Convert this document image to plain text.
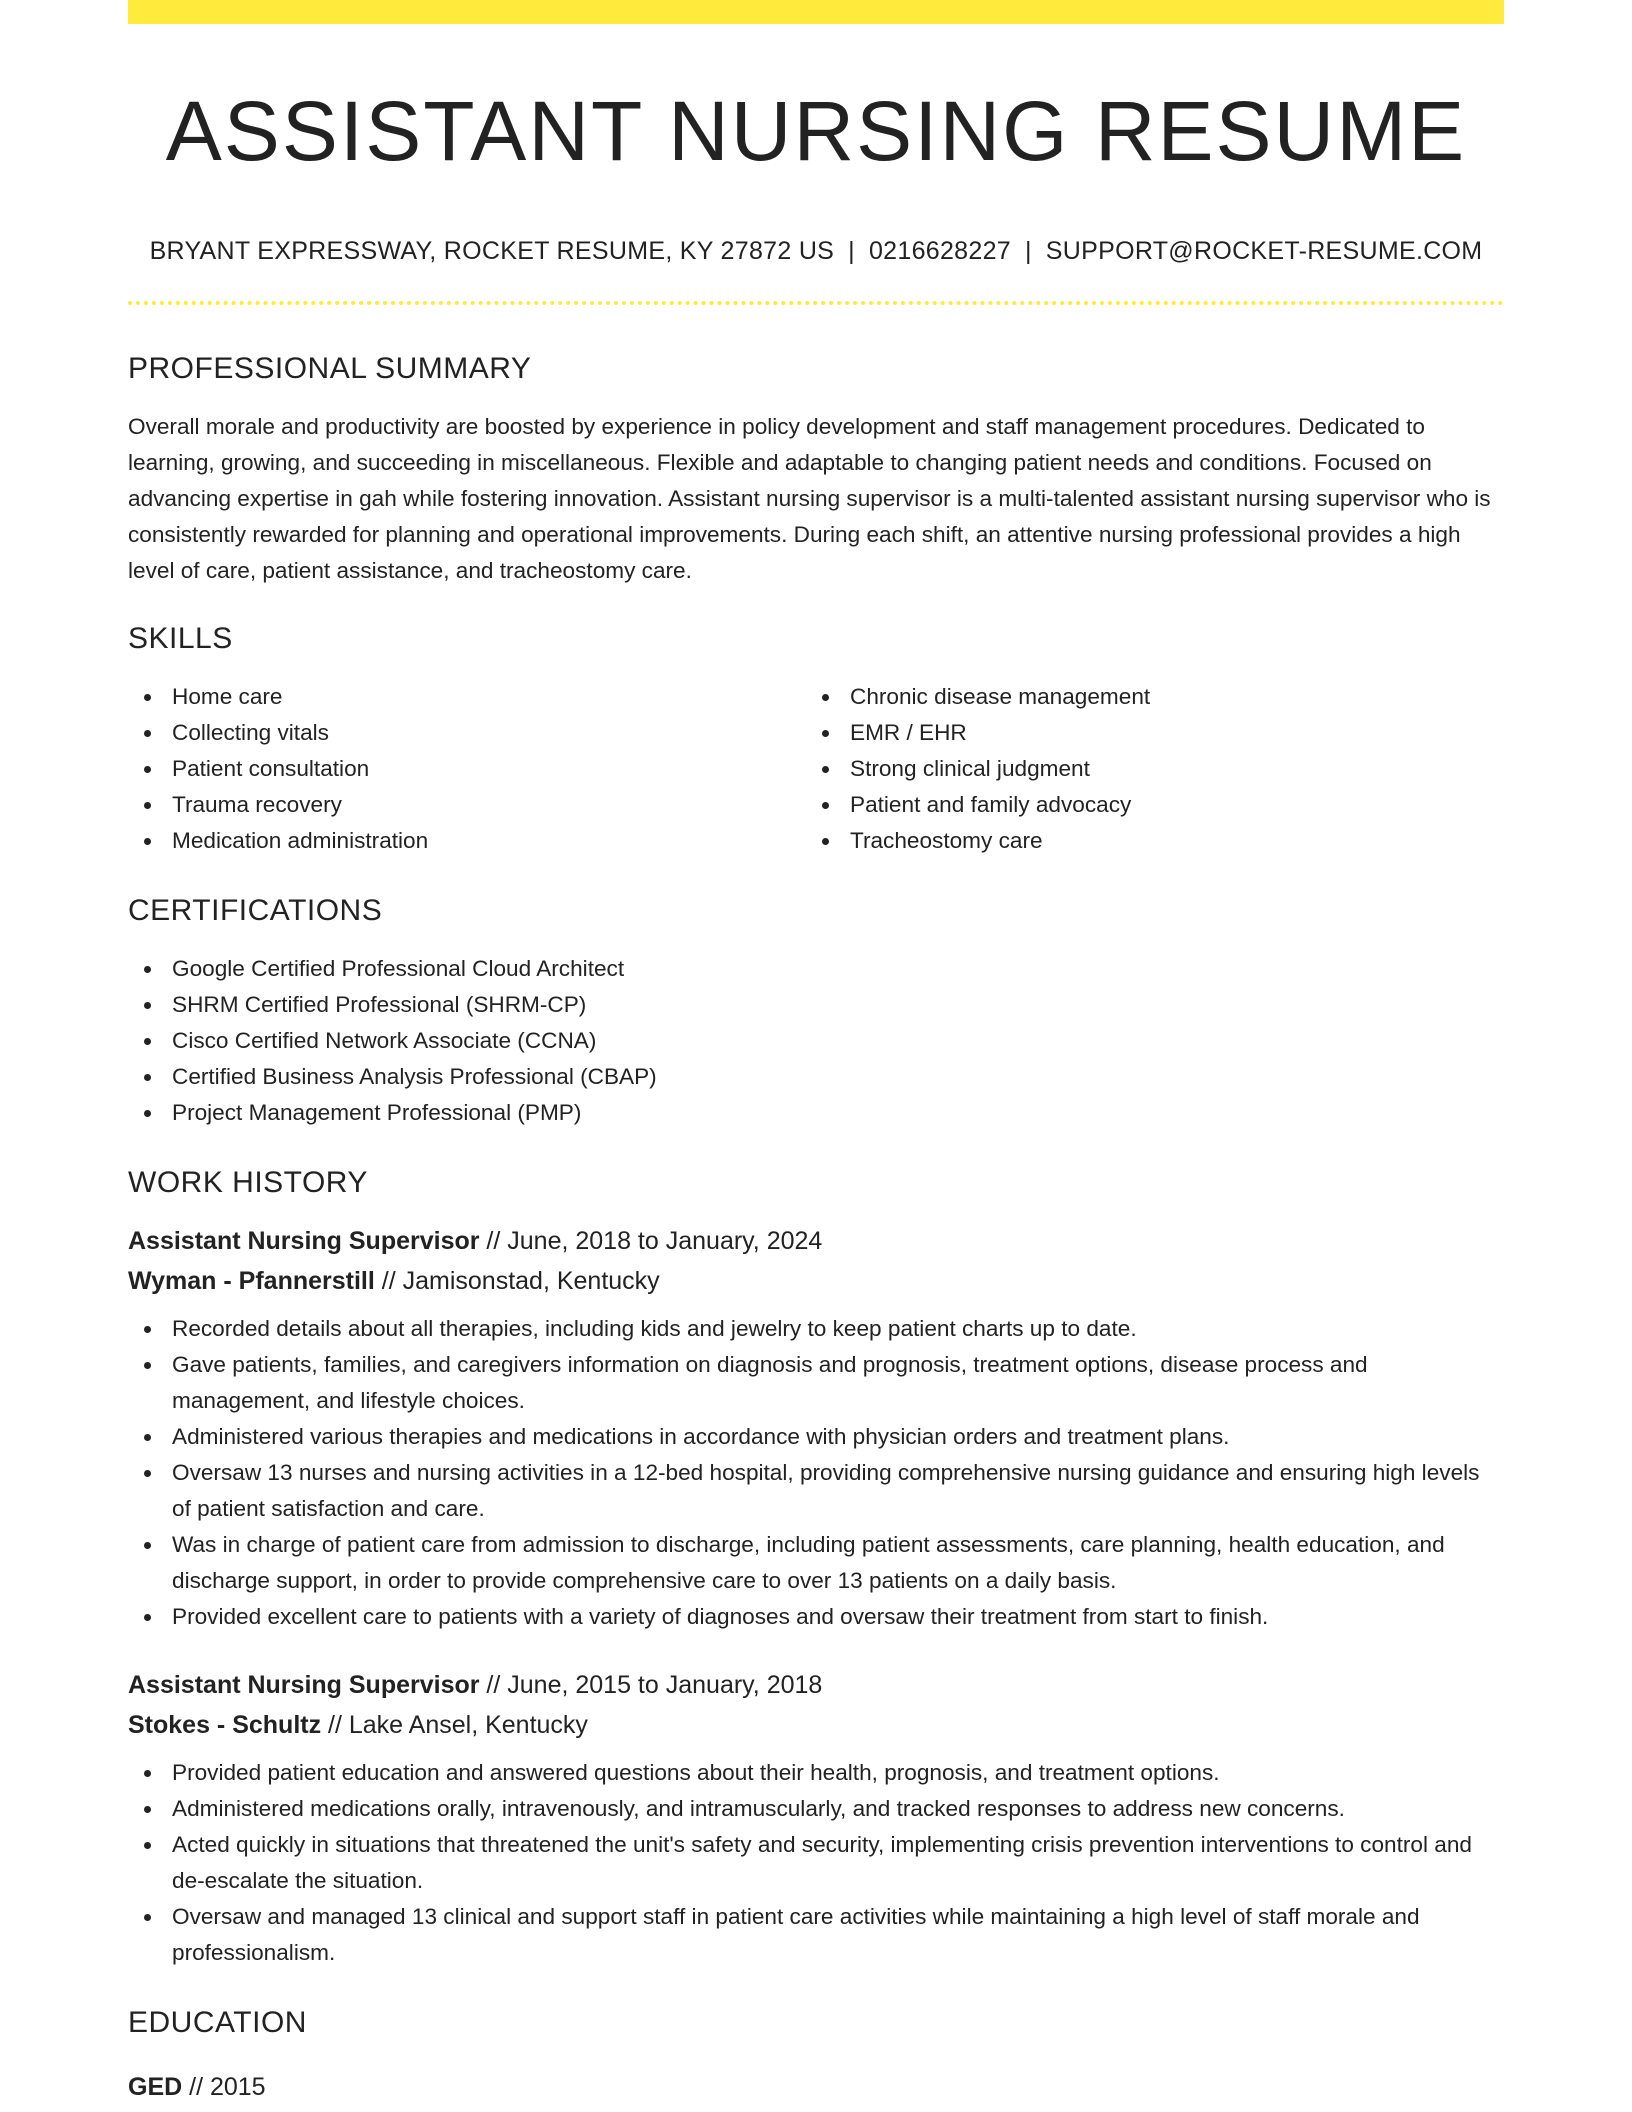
ASSISTANT NURSING RESUME
BRYANT EXPRESSWAY, ROCKET RESUME, KY 27872 US | 0216628227 | SUPPORT@ROCKET-RESUME.COM
PROFESSIONAL SUMMARY

Overall morale and productivity are boosted by experience in policy development and staff management procedures. Dedicated to learning, growing, and succeeding in miscellaneous. Flexible and adaptable to changing patient needs and conditions. Focused on advancing expertise in gah while fostering innovation. Assistant nursing supervisor is a multi-talented assistant nursing supervisor who is consistently rewarded for planning and operational improvements. During each shift, an attentive nursing professional provides a high level of care, patient assistance, and tracheostomy care.

SKILLS
Home care
Collecting vitals
Patient consultation
Trauma recovery
Medication administration
Chronic disease management
EMR / EHR
Strong clinical judgment
Patient and family advocacy
Tracheostomy care
CERTIFICATIONS
Google Certified Professional Cloud Architect
SHRM Certified Professional (SHRM-CP)
Cisco Certified Network Associate (CCNA)
Certified Business Analysis Professional (CBAP)
Project Management Professional (PMP)
WORK HISTORY
Assistant Nursing Supervisor // June, 2018 to January, 2024
Wyman - Pfannerstill // Jamisonstad, Kentucky
Recorded details about all therapies, including kids and jewelry to keep patient charts up to date.
Gave patients, families, and caregivers information on diagnosis and prognosis, treatment options, disease process and management, and lifestyle choices.
Administered various therapies and medications in accordance with physician orders and treatment plans.
Oversaw 13 nurses and nursing activities in a 12-bed hospital, providing comprehensive nursing guidance and ensuring high levels of patient satisfaction and care.
Was in charge of patient care from admission to discharge, including patient assessments, care planning, health education, and discharge support, in order to provide comprehensive care to over 13 patients on a daily basis.
Provided excellent care to patients with a variety of diagnoses and oversaw their treatment from start to finish.
Assistant Nursing Supervisor // June, 2015 to January, 2018
Stokes - Schultz // Lake Ansel, Kentucky
Provided patient education and answered questions about their health, prognosis, and treatment options.
Administered medications orally, intravenously, and intramuscularly, and tracked responses to address new concerns.
Acted quickly in situations that threatened the unit's safety and security, implementing crisis prevention interventions to control and de-escalate the situation.
Oversaw and managed 13 clinical and support staff in patient care activities while maintaining a high level of staff morale and professionalism.
EDUCATION
GED // 2015
